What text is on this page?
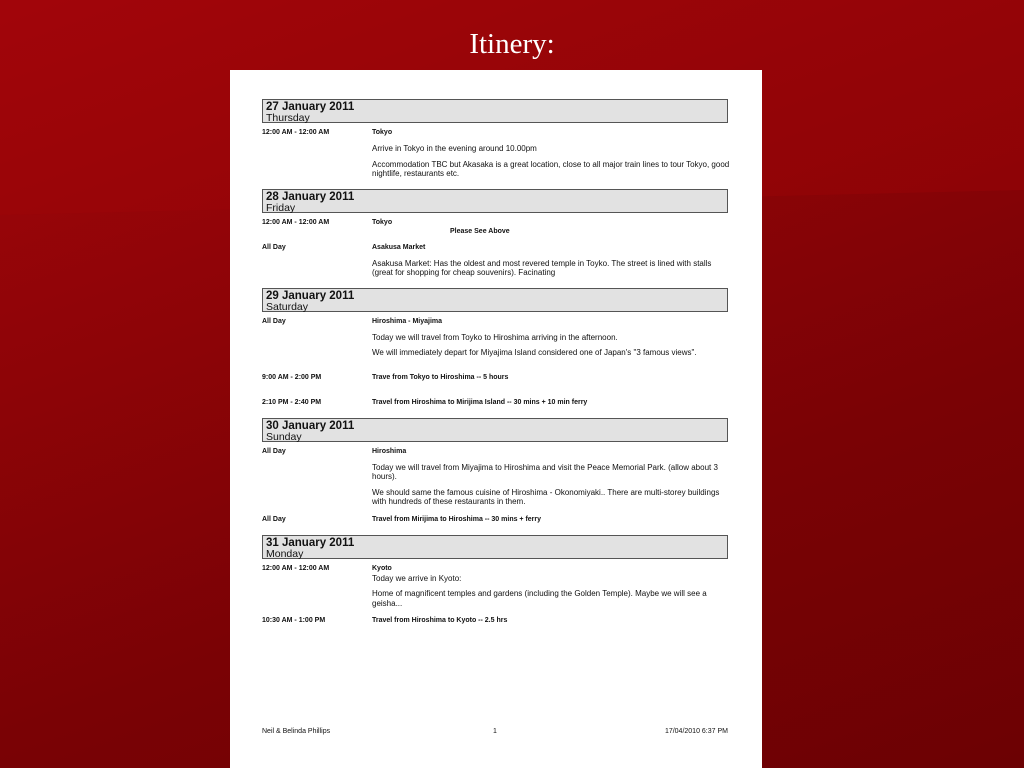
Itinery:
27 January 2011
Thursday
12:00 AM - 12:00 AM	Tokyo
Arrive in Tokyo in the evening around 10.00pm
Accommodation TBC but Akasaka is a great location, close to all major train lines to tour Tokyo, good nightlife, restaurants etc.
28 January 2011
Friday
12:00 AM - 12:00 AM	Tokyo
Please See Above
All Day	Asakusa Market
Asakusa Market: Has the oldest and most revered temple in Toyko. The street is lined with stalls (great for shopping for cheap souvenirs). Facinating
29 January 2011
Saturday
All Day	Hiroshima - Miyajima
Today we will travel from Toyko to Hiroshima arriving in the afternoon.
We will immediately depart for Miyajima Island considered one of Japan's "3 famous views".
9:00 AM - 2:00 PM	Trave from Tokyo to Hiroshima -- 5 hours
2:10 PM - 2:40 PM	Travel from Hiroshima to Mirijima Island -- 30 mins + 10 min ferry
30 January 2011
Sunday
All Day	Hiroshima
Today we will travel from Miyajima to Hiroshima and visit the Peace Memorial Park. (allow about 3 hours).
We should same the famous cuisine of Hiroshima - Okonomiyaki.. There are multi-storey buildings with hundreds of these restaurants in them.
All Day	Travel from Mirijima to Hiroshima -- 30 mins + ferry
31 January 2011
Monday
12:00 AM - 12:00 AM	Kyoto
Today we arrive in Kyoto:
Home of magnificent temples and gardens (including the Golden Temple). Maybe we will see a geisha...
10:30 AM - 1:00 PM	Travel from Hiroshima to Kyoto -- 2.5 hrs
Neil & Belinda Phillips	1	17/04/2010 6:37 PM
